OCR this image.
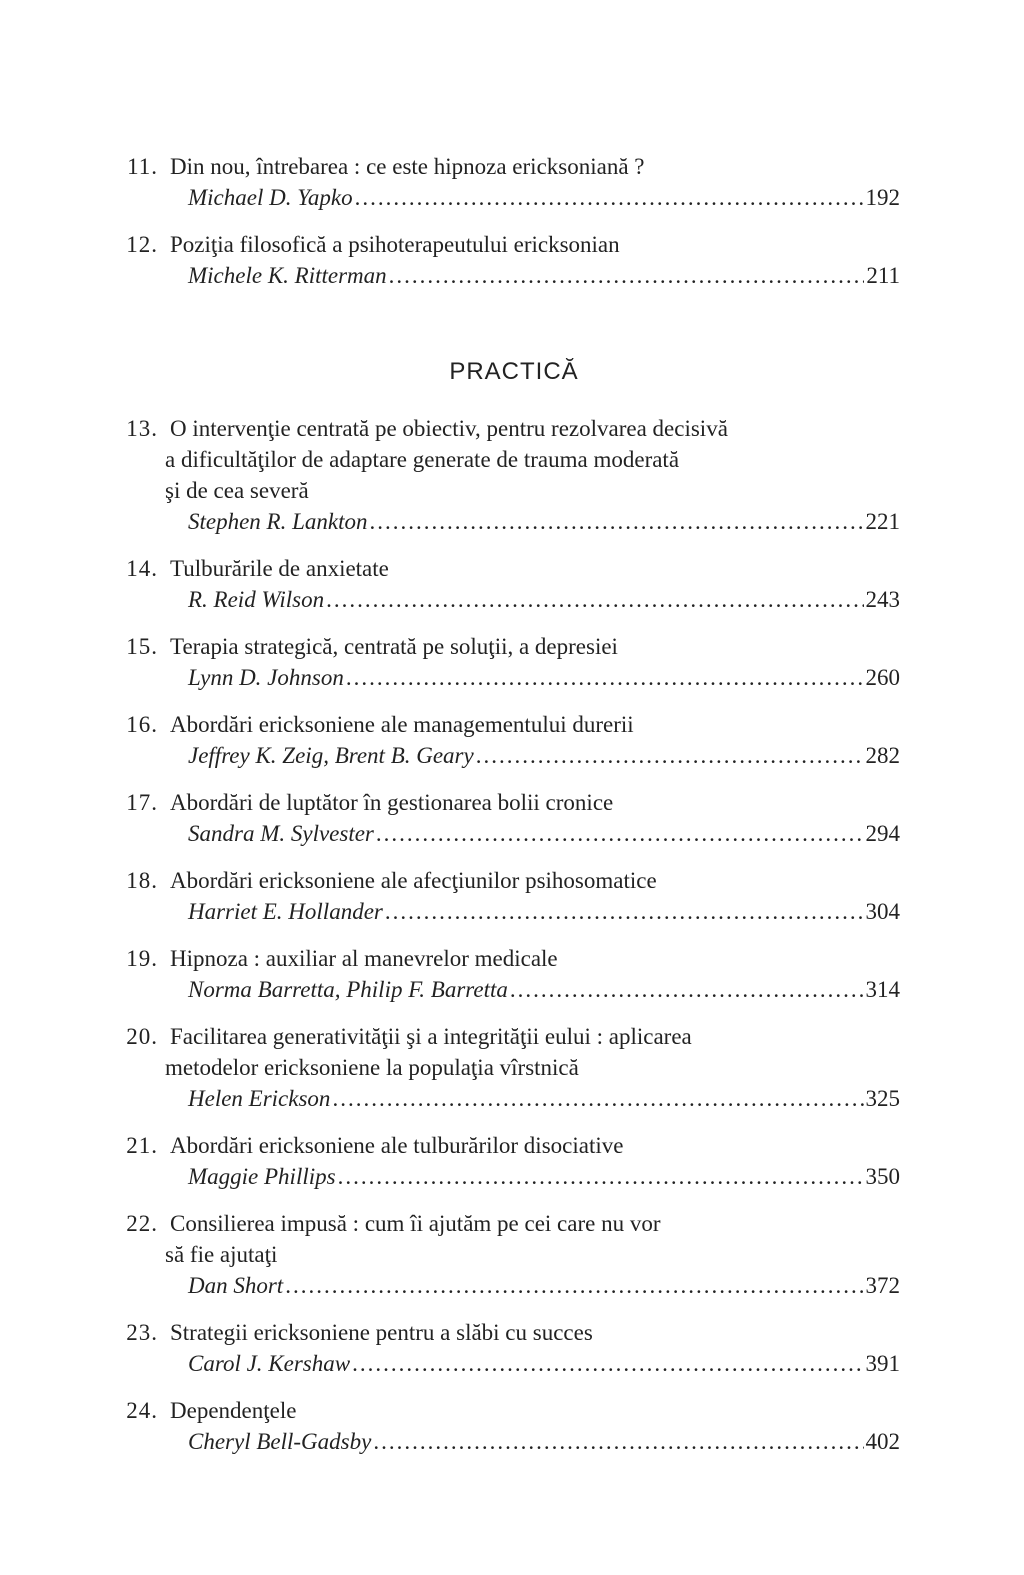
11. Din nou, întrebarea : ce este hipnoza ericksoniană ?
Michael D. Yapko .....	192
12. Poziţia filosofică a psihoterapeutului ericksonian
Michele K. Ritterman .....	211
PRACTICĂ
13. O intervenţie centrată pe obiectiv, pentru rezolvarea decisivă
a dificultăţilor de adaptare generate de trauma moderată
şi de cea severă
Stephen R. Lankton .....	221
14. Tulburările de anxietate
R. Reid Wilson .....	243
15. Terapia strategică, centrată pe soluţii, a depresiei
Lynn D. Johnson .....	260
16. Abordări ericksoniene ale managementului durerii
Jeffrey K. Zeig, Brent B. Geary .....	282
17. Abordări de luptător în gestionarea bolii cronice
Sandra M. Sylvester .....	294
18. Abordări ericksoniene ale afecţiunilor psihosomatice
Harriet E. Hollander .....	304
19. Hipnoza : auxiliar al manevrelor medicale
Norma Barretta, Philip F. Barretta .....	314
20. Facilitarea generativităţii şi a integrităţii eului : aplicarea
metodelor ericksoniene la populaţia vîrstnică
Helen Erickson .....	325
21. Abordări ericksoniene ale tulburărilor disociative
Maggie Phillips .....	350
22. Consilierea impusă : cum îi ajutăm pe cei care nu vor
să fie ajutaţi
Dan Short .....	372
23. Strategii ericksoniene pentru a slăbi cu succes
Carol J. Kershaw .....	391
24. Dependenţele
Cheryl Bell-Gadsby .....	402
